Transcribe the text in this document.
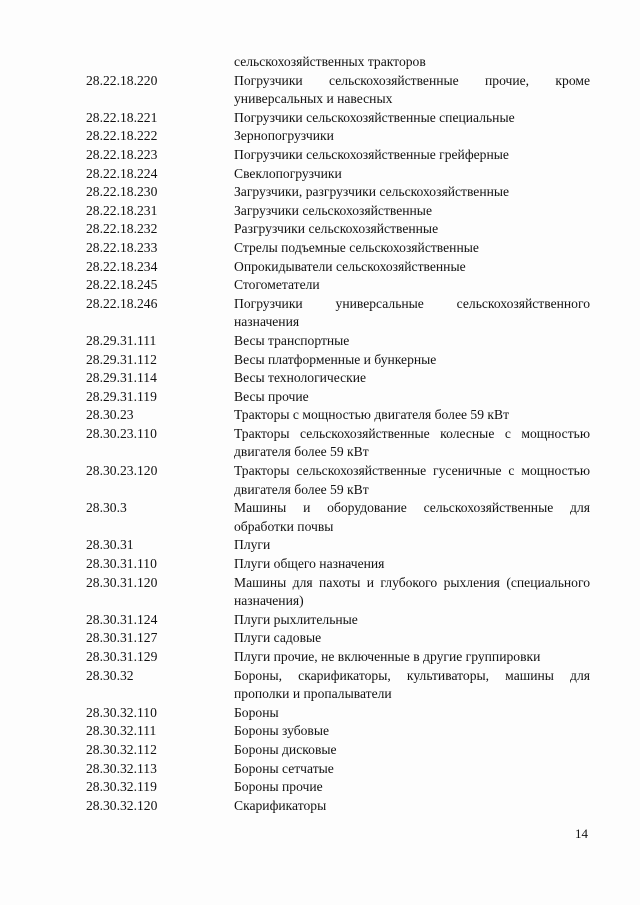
сельскохозяйственных тракторов
28.22.18.220	Погрузчики сельскохозяйственные прочие, кроме универсальных и навесных
28.22.18.221	Погрузчики сельскохозяйственные специальные
28.22.18.222	Зернопогрузчики
28.22.18.223	Погрузчики сельскохозяйственные грейферные
28.22.18.224	Свеклопогрузчики
28.22.18.230	Загрузчики, разгрузчики сельскохозяйственные
28.22.18.231	Загрузчики сельскохозяйственные
28.22.18.232	Разгрузчики сельскохозяйственные
28.22.18.233	Стрелы подъемные сельскохозяйственные
28.22.18.234	Опрокидыватели сельскохозяйственные
28.22.18.245	Стогометатели
28.22.18.246	Погрузчики универсальные сельскохозяйственного назначения
28.29.31.111	Весы транспортные
28.29.31.112	Весы платформенные и бункерные
28.29.31.114	Весы технологические
28.29.31.119	Весы прочие
28.30.23	Тракторы с мощностью двигателя более 59 кВт
28.30.23.110	Тракторы сельскохозяйственные колесные с мощностью двигателя более 59 кВт
28.30.23.120	Тракторы сельскохозяйственные гусеничные с мощностью двигателя более 59 кВт
28.30.3	Машины и оборудование сельскохозяйственные для обработки почвы
28.30.31	Плуги
28.30.31.110	Плуги общего назначения
28.30.31.120	Машины для пахоты и глубокого рыхления (специального назначения)
28.30.31.124	Плуги рыхлительные
28.30.31.127	Плуги садовые
28.30.31.129	Плуги прочие, не включенные в другие группировки
28.30.32	Бороны, скарификаторы, культиваторы, машины для прополки и пропалыватели
28.30.32.110	Бороны
28.30.32.111	Бороны зубовые
28.30.32.112	Бороны дисковые
28.30.32.113	Бороны сетчатые
28.30.32.119	Бороны прочие
28.30.32.120	Скарификаторы
14
